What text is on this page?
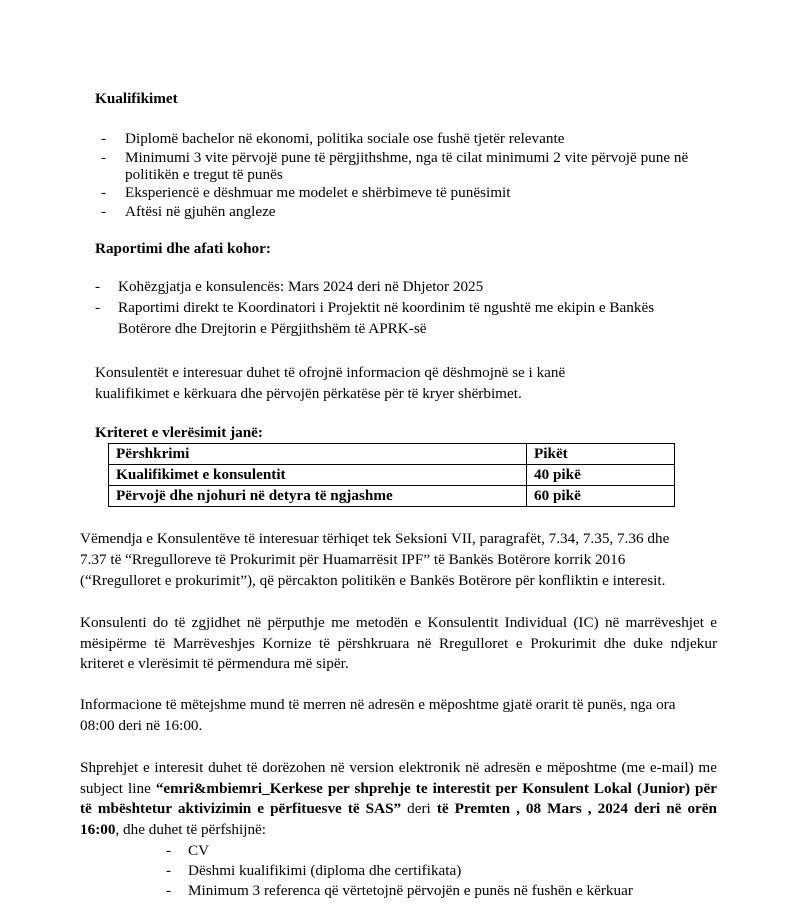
Kualifikimet
- Diplomë bachelor në ekonomi, politika sociale ose fushë tjetër relevante
- Minimumi 3 vite përvojë pune të përgjithshme, nga të cilat minimumi 2 vite përvojë pune në
politikën e tregut të punës
- Eksperiencë e dëshmuar me modelet e shërbimeve të punësimit
- Aftësi në gjuhën angleze
Raportimi dhe afati kohor:
- Kohëzgjatja e konsulencës: Mars 2024 deri në Dhjetor 2025
- Raportimi direkt te Koordinatori i Projektit në koordinim të ngushtë me ekipin e Bankës
Botërore dhe Drejtorin e Përgjithshëm të APRK-së
Konsulentët e interesuar duhet të ofrojnë informacion që dëshmojnë se i kanë
kualifikimet e kërkuara dhe përvojën përkatëse për të kryer shërbimet.
Kriteret e vlerësimit janë:
Përshkrimi	Pikët
Kualifikimet e konsulentit	40 pikë
Përvojë dhe njohuri në detyra të ngjashme	60 pikë
Vëmendja e Konsulentëve të interesuar tërhiqet tek Seksioni VII, paragrafët, 7.34, 7.35, 7.36 dhe
7.37 të “Rregulloreve të Prokurimit për Huamarrësit IPF” të Bankës Botërore korrik 2016
(“Rregulloret e prokurimit”), që përcakton politikën e Bankës Botërore për konfliktin e interesit.
Konsulenti do të zgjidhet në përputhje me metodën e Konsulentit Individual (IC) në marrëveshjet e
mësipërme të Marrëveshjes Kornize të përshkruara në Rregulloret e Prokurimit dhe duke ndjekur
kriteret e vlerësimit të përmendura më sipër.
Informacione të mëtejshme mund të merren në adresën e mëposhtme gjatë orarit të punës, nga ora
08:00 deri në 16:00.
Shprehjet e interesit duhet të dorëzohen në version elektronik në adresën e mëposhtme (me e-mail) me
subject line “emri&mbiemri_Kerkese per shprehje te interestit per Konsulent Lokal (Junior) për
të mbështetur aktivizimin e përfituesve të SAS” deri të Premten , 08 Mars , 2024 deri në orën
16:00, dhe duhet të përfshijnë:
- CV
- Dëshmi kualifikimi (diploma dhe certifikata)
- Minimum 3 referenca që vërtetojnë përvojën e punës në fushën e kërkuar
